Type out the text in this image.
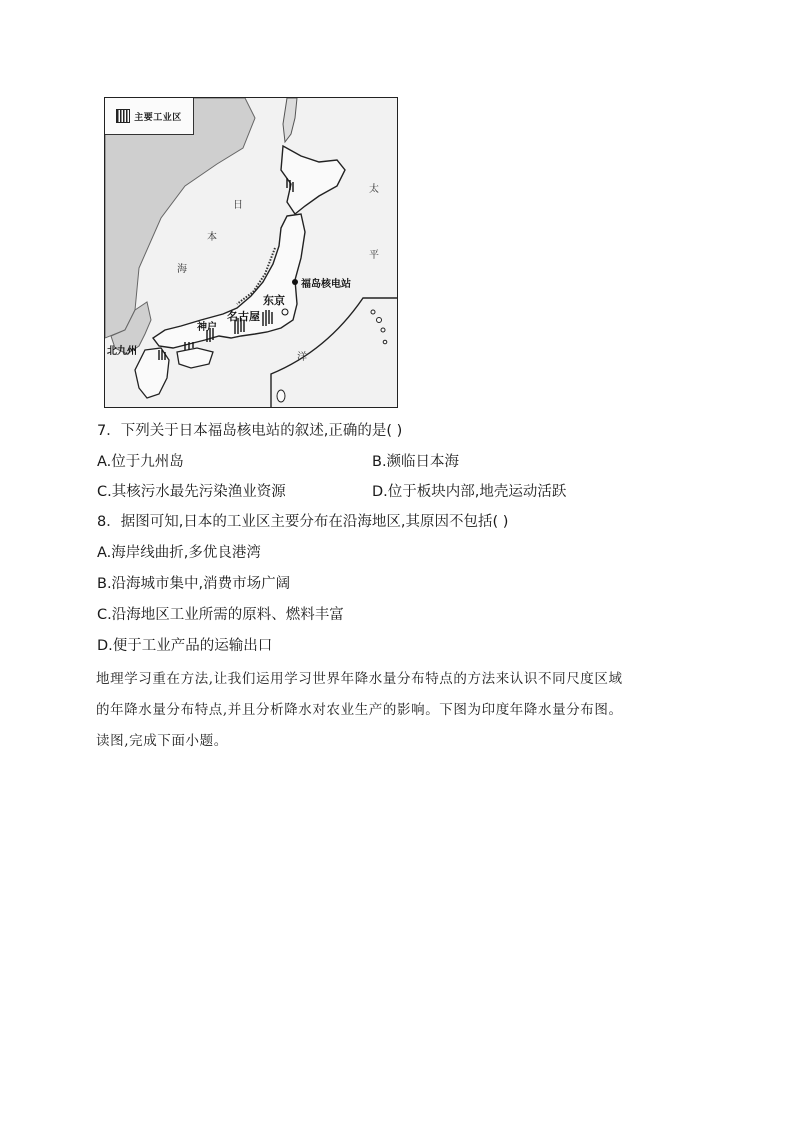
主要工业区
日
本
海
太
平
洋
福岛核电站
东京
名古屋
神户
北九州
7．下列关于日本福岛核电站的叙述,正确的是( )
A.位于九州岛	B.濒临日本海
C.其核污水最先污染渔业资源	D.位于板块内部,地壳运动活跃
8．据图可知,日本的工业区主要分布在沿海地区,其原因不包括( )
A.海岸线曲折,多优良港湾
B.沿海城市集中,消费市场广阔
C.沿海地区工业所需的原料、燃料丰富
D.便于工业产品的运输出口
地理学习重在方法,让我们运用学习世界年降水量分布特点的方法来认识不同尺度区域
的年降水量分布特点,并且分析降水对农业生产的影响。下图为印度年降水量分布图。
读图,完成下面小题。
